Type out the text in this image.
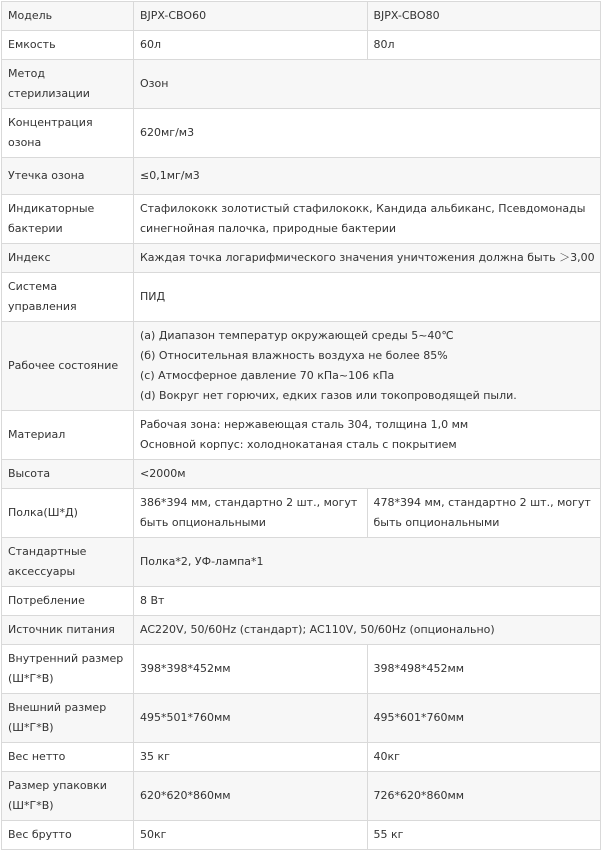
Модель	BJPX-CBO60	BJPX-CBO80
Емкость	60л	80л
Метод стерилизации	Озон	
Концентрация озона	620мг/м3	
Утечка озона	≤0,1мг/м3	
Индикаторные бактерии	Стафилококк золотистый стафилококк, Кандида альбиканс, Псевдомонады синегнойная палочка, природные бактерии	
Индекс	Каждая точка логарифмического значения уничтожения должна быть ＞3,00	
Система управления	ПИД	
Рабочее состояние	(а) Диапазон температур окружающей среды 5~40℃
(б) Относительная влажность воздуха не более 85%
(с) Атмосферное давление 70 кПа~106 кПа
(d) Вокруг нет горючих, едких газов или токопроводящей пыли.	

Материал	Рабочая зона: нержавеющая сталь 304, толщина 1,0 мм
Основной корпус: холоднокатаная сталь с покрытием	

Высота	<2000м	
Полка(Ш*Д)	386*394 мм, стандартно 2 шт., могут быть опциональными	478*394 мм, стандартно 2 шт., могут быть опциональными
Стандартные аксессуары	Полка*2, УФ-лампа*1	
Потребление	8 Вт	
Источник питания	AC220V, 50/60Hz (стандарт); AC110V, 50/60Hz (опционально)	
Внутренний размер (Ш*Г*В)	398*398*452мм	398*498*452мм
Внешний размер (Ш*Г*В)	495*501*760мм	495*601*760мм
Вес нетто	35 кг	40кг
Размер упаковки (Ш*Г*В)	620*620*860мм	726*620*860мм
Вес брутто	50кг	55 кг
